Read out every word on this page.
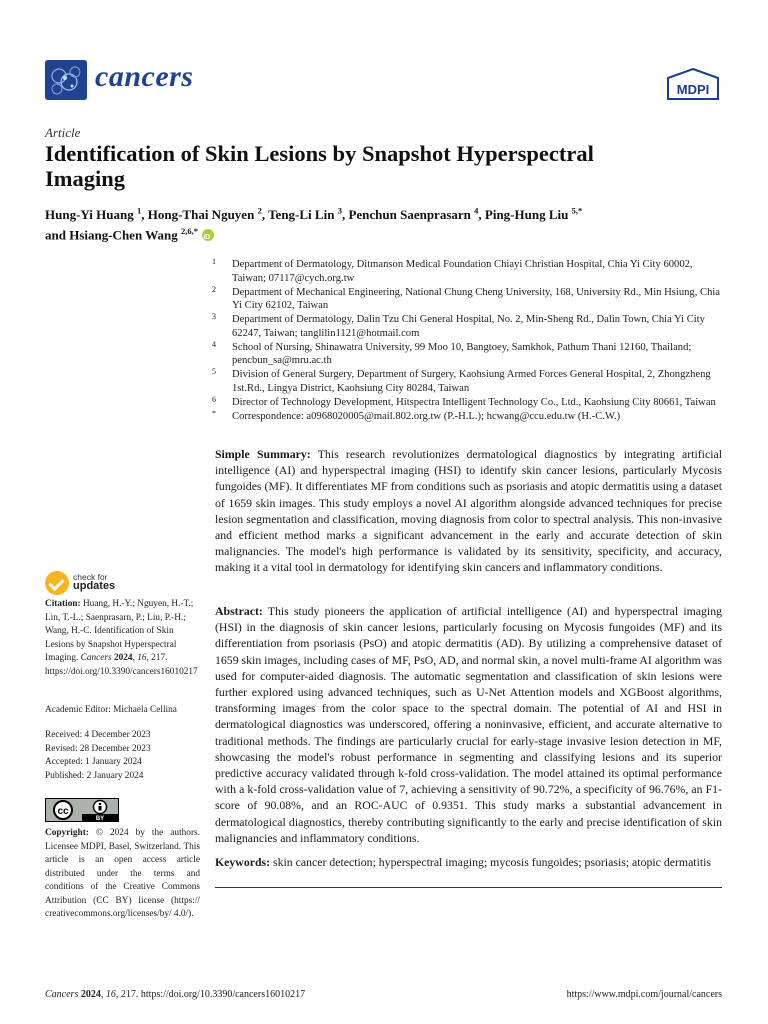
cancers	MDPI
Article
Identification of Skin Lesions by Snapshot Hyperspectral Imaging
Hung-Yi Huang $^1$, Hong-Thai Nguyen $^2$, Teng-Li Lin $^3$, Penchun Saenprasarn $^4$, Ping-Hung Liu $^{5,*}$
and Hsiang-Chen Wang $^{2,6,*}$ iD
1 Department of Dermatology, Ditmanson Medical Foundation Chiayi Christian Hospital, Chia Yi City 60002, Taiwan; 07117@cych.org.tw
2 Department of Mechanical Engineering, National Chung Cheng University, 168, University Rd., Min Hsiung, Chia Yi City 62102, Taiwan
3 Department of Dermatology, Dalin Tzu Chi General Hospital, No. 2, Min-Sheng Rd., Dalin Town, Chia Yi City 62247, Taiwan; tanglilin1121@hotmail.com
4 School of Nursing, Shinawatra University, 99 Moo 10, Bangtoey, Samkhok, Pathum Thani 12160, Thailand; pencbun_sa@mru.ac.th
5 Division of General Surgery, Department of Surgery, Kaohsiung Armed Forces General Hospital, 2, Zhongzheng 1st.Rd., Lingya District, Kaohsiung City 80284, Taiwan
6 Director of Technology Development, Hitspectra Intelligent Technology Co., Ltd., Kaohsiung City 80661, Taiwan
* Correspondence: a0968020005@mail.802.org.tw (P.-H.L.); hcwang@ccu.edu.tw (H.-C.W.)
Simple Summary: This research revolutionizes dermatological diagnostics by integrating artificial intelligence (AI) and hyperspectral imaging (HSI) to identify skin cancer lesions, particularly Mycosis fungoides (MF). It differentiates MF from conditions such as psoriasis and atopic dermatitis using a dataset of 1659 skin images. This study employs a novel AI algorithm alongside advanced techniques for precise lesion segmentation and classification, moving diagnosis from color to spectral analysis. This non-invasive and efficient method marks a significant advancement in the early and accurate detection of skin malignancies. The model's high performance is validated by its sensitivity, specificity, and accuracy, making it a vital tool in dermatology for identifying skin cancers and inflammatory conditions.
Abstract: This study pioneers the application of artificial intelligence (AI) and hyperspectral imaging (HSI) in the diagnosis of skin cancer lesions, particularly focusing on Mycosis fungoides (MF) and its differentiation from psoriasis (PsO) and atopic dermatitis (AD). By utilizing a comprehensive dataset of 1659 skin images, including cases of MF, PsO, AD, and normal skin, a novel multi-frame AI algorithm was used for computer-aided diagnosis. The automatic segmentation and classification of skin lesions were further explored using advanced techniques, such as U-Net Attention models and XGBoost algorithms, transforming images from the color space to the spectral domain. The potential of AI and HSI in dermatological diagnostics was underscored, offering a noninvasive, efficient, and accurate alternative to traditional methods. The findings are particularly crucial for early-stage invasive lesion detection in MF, showcasing the model's robust performance in segmenting and classifying lesions and its superior predictive accuracy validated through k-fold cross-validation. The model attained its optimal performance with a k-fold cross-validation value of 7, achieving a sensitivity of 90.72%, a specificity of 96.76%, an F1-score of 90.08%, and an ROC-AUC of 0.9351. This study marks a substantial advancement in dermatological diagnostics, thereby contributing significantly to the early and precise identification of skin malignancies and inflammatory conditions.
Keywords: skin cancer detection; hyperspectral imaging; mycosis fungoides; psoriasis; atopic dermatitis
check for
updates
Citation: Huang, H.-Y.; Nguyen, H.-T.; Lin, T.-L.; Saenprasarn, P.; Liu, P.-H.; Wang, H.-C. Identification of Skin Lesions by Snapshot Hyperspectral Imaging. Cancers 2024, 16, 217. https://doi.org/10.3390/cancers16010217
Academic Editor: Michaela Cellina
Received: 4 December 2023
Revised: 28 December 2023
Accepted: 1 January 2024
Published: 2 January 2024
cc
BY
Copyright: © 2024 by the authors. Licensee MDPI, Basel, Switzerland. This article is an open access article distributed under the terms and conditions of the Creative Commons Attribution (CC BY) license (https:// creativecommons.org/licenses/by/ 4.0/).
Cancers 2024, 16, 217. https://doi.org/10.3390/cancers16010217	https://www.mdpi.com/journal/cancers
